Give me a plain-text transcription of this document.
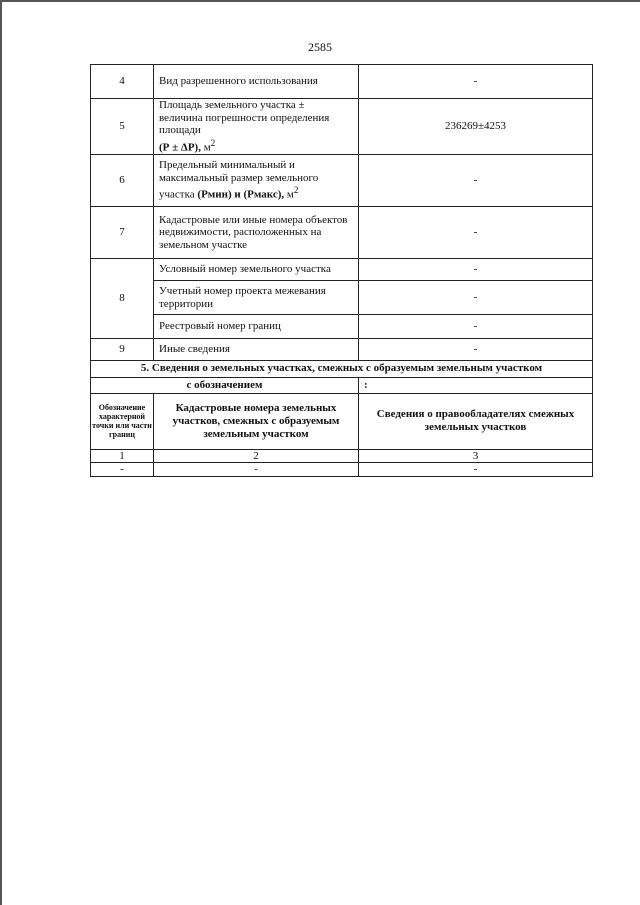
2585
4	Вид разрешенного использования	-
5	Площадь земельного участка ±
величина погрешности определения
площади
(Р ± ΔР), $м^2$	236269±4253
6	Предельный минимальный и
максимальный размер земельного
участка (Рмин) и (Рмакс), $м^2$	-
7	Кадастровые или иные номера объектов недвижимости, расположенных на земельном участке	-
8	Условный номер земельного участка	-
	Учетный номер проекта межевания территории	-
	Реестровый номер границ	-
9	Иные сведения	-
5. Сведения о земельных участках, смежных с образуемым земельным участком		
с обозначением		:
Обозначение характерной точки или части границ	Кадастровые номера земельных участков, смежных с образуемым земельным участком	Сведения о правообладателях смежных земельных участков
1	2	3
-	-	-
